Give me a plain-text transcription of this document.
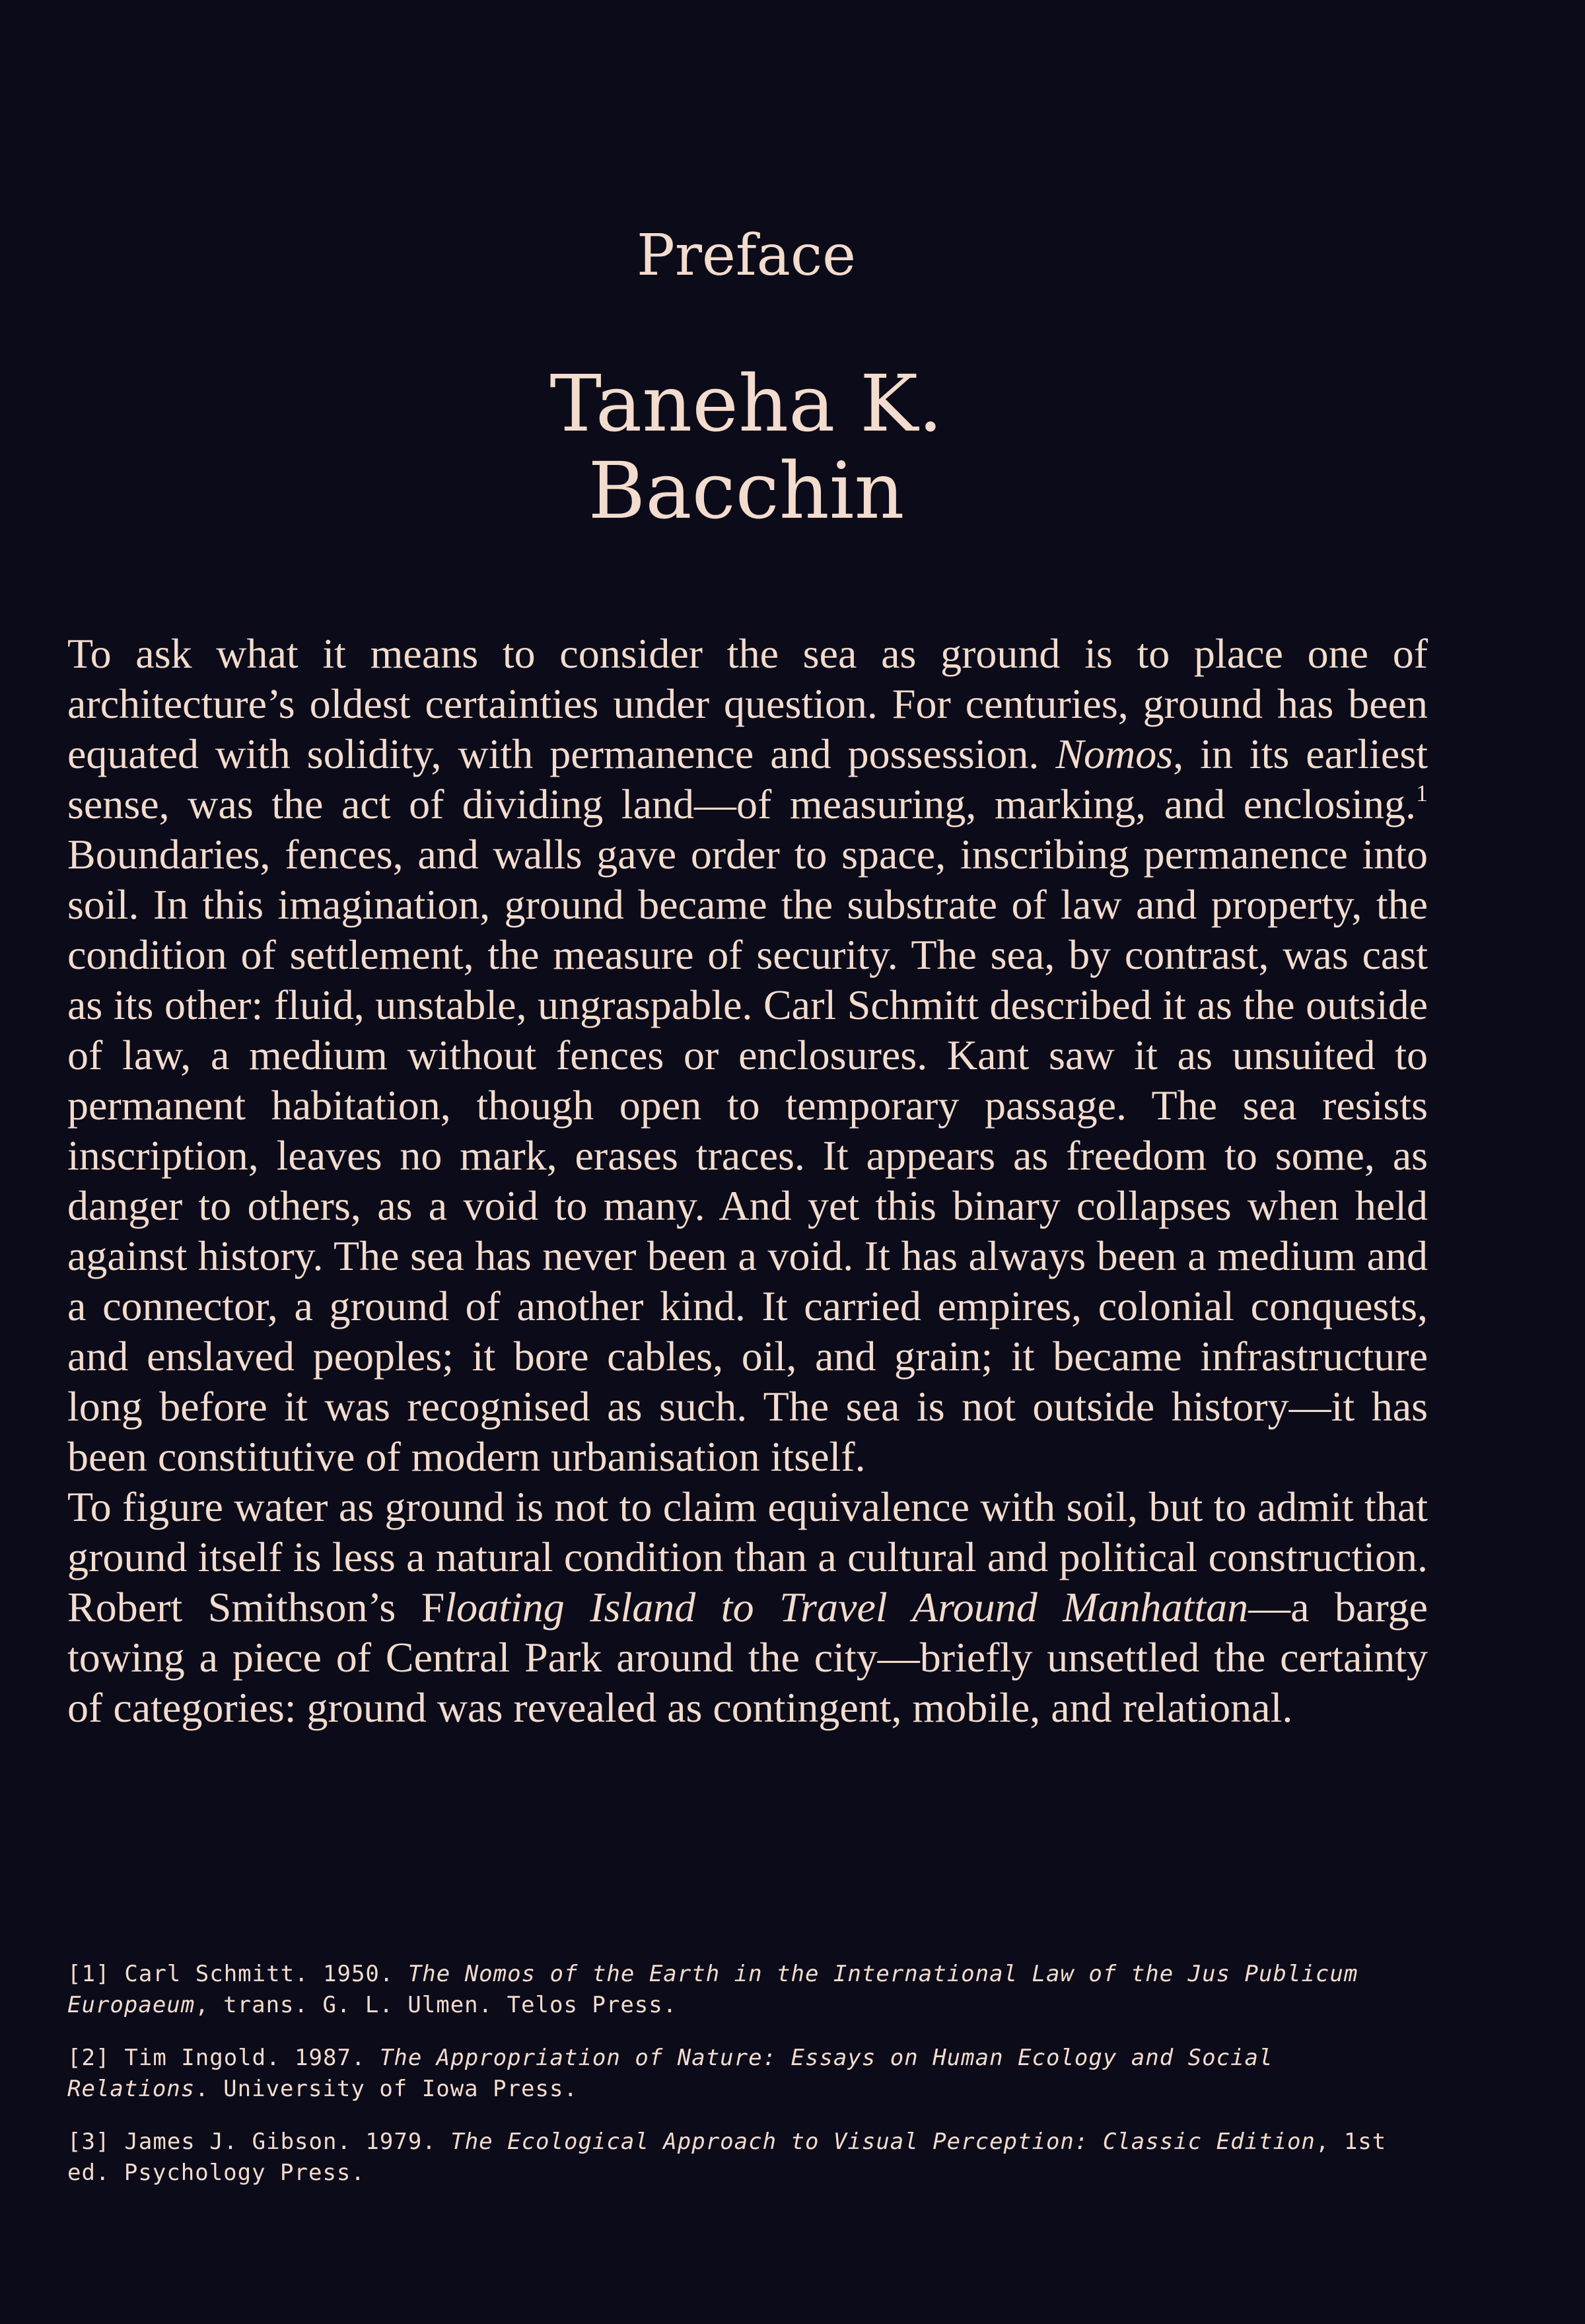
Preface
Taneha K.
Bacchin

To ask what it means to consider the sea as ground is to place one of architecture’s oldest certainties under question. For centuries, ground has been equated with solidity, with permanence and possession. Nomos, in its earliest sense, was the act of dividing land—of measuring, marking, and enclosing.$^1$ Boundaries, fences, and walls gave order to space, inscribing permanence into soil. In this imagination, ground became the substrate of law and property, the condition of settlement, the measure of security. The sea, by contrast, was cast as its other: fluid, unstable, ungraspable. Carl Schmitt described it as the outside of law, a medium without fences or enclosures. Kant saw it as unsuited to permanent habitation, though open to temporary passage. The sea resists inscription, leaves no mark, erases traces. It appears as freedom to some, as danger to others, as a void to many. And yet this binary collapses when held against history. The sea has never been a void. It has always been a medium and a connector, a ground of another kind. It carried empires, colonial conquests, and enslaved peoples; it bore cables, oil, and grain; it became infrastructure long before it was recognised as such. The sea is not outside history—it has been constitutive of modern urbanisation itself.

To figure water as ground is not to claim equivalence with soil, but to admit that ground itself is less a natural condition than a cultural and political construction. Robert Smithson’s Floating Island to Travel Around Manhattan—a barge towing a piece of Central Park around the city—briefly unsettled the certainty of categories: ground was revealed as contingent, mobile, and relational.

[1] Carl Schmitt. 1950. The Nomos of the Earth in the International Law of the Jus Publicum Europaeum, trans. G. L. Ulmen. Telos Press.

[2] Tim Ingold. 1987. The Appropriation of Nature: Essays on Human Ecology and Social Relations. University of Iowa Press.

[3] James J. Gibson. 1979. The Ecological Approach to Visual Perception: Classic Edition, 1st ed. Psychology Press.
